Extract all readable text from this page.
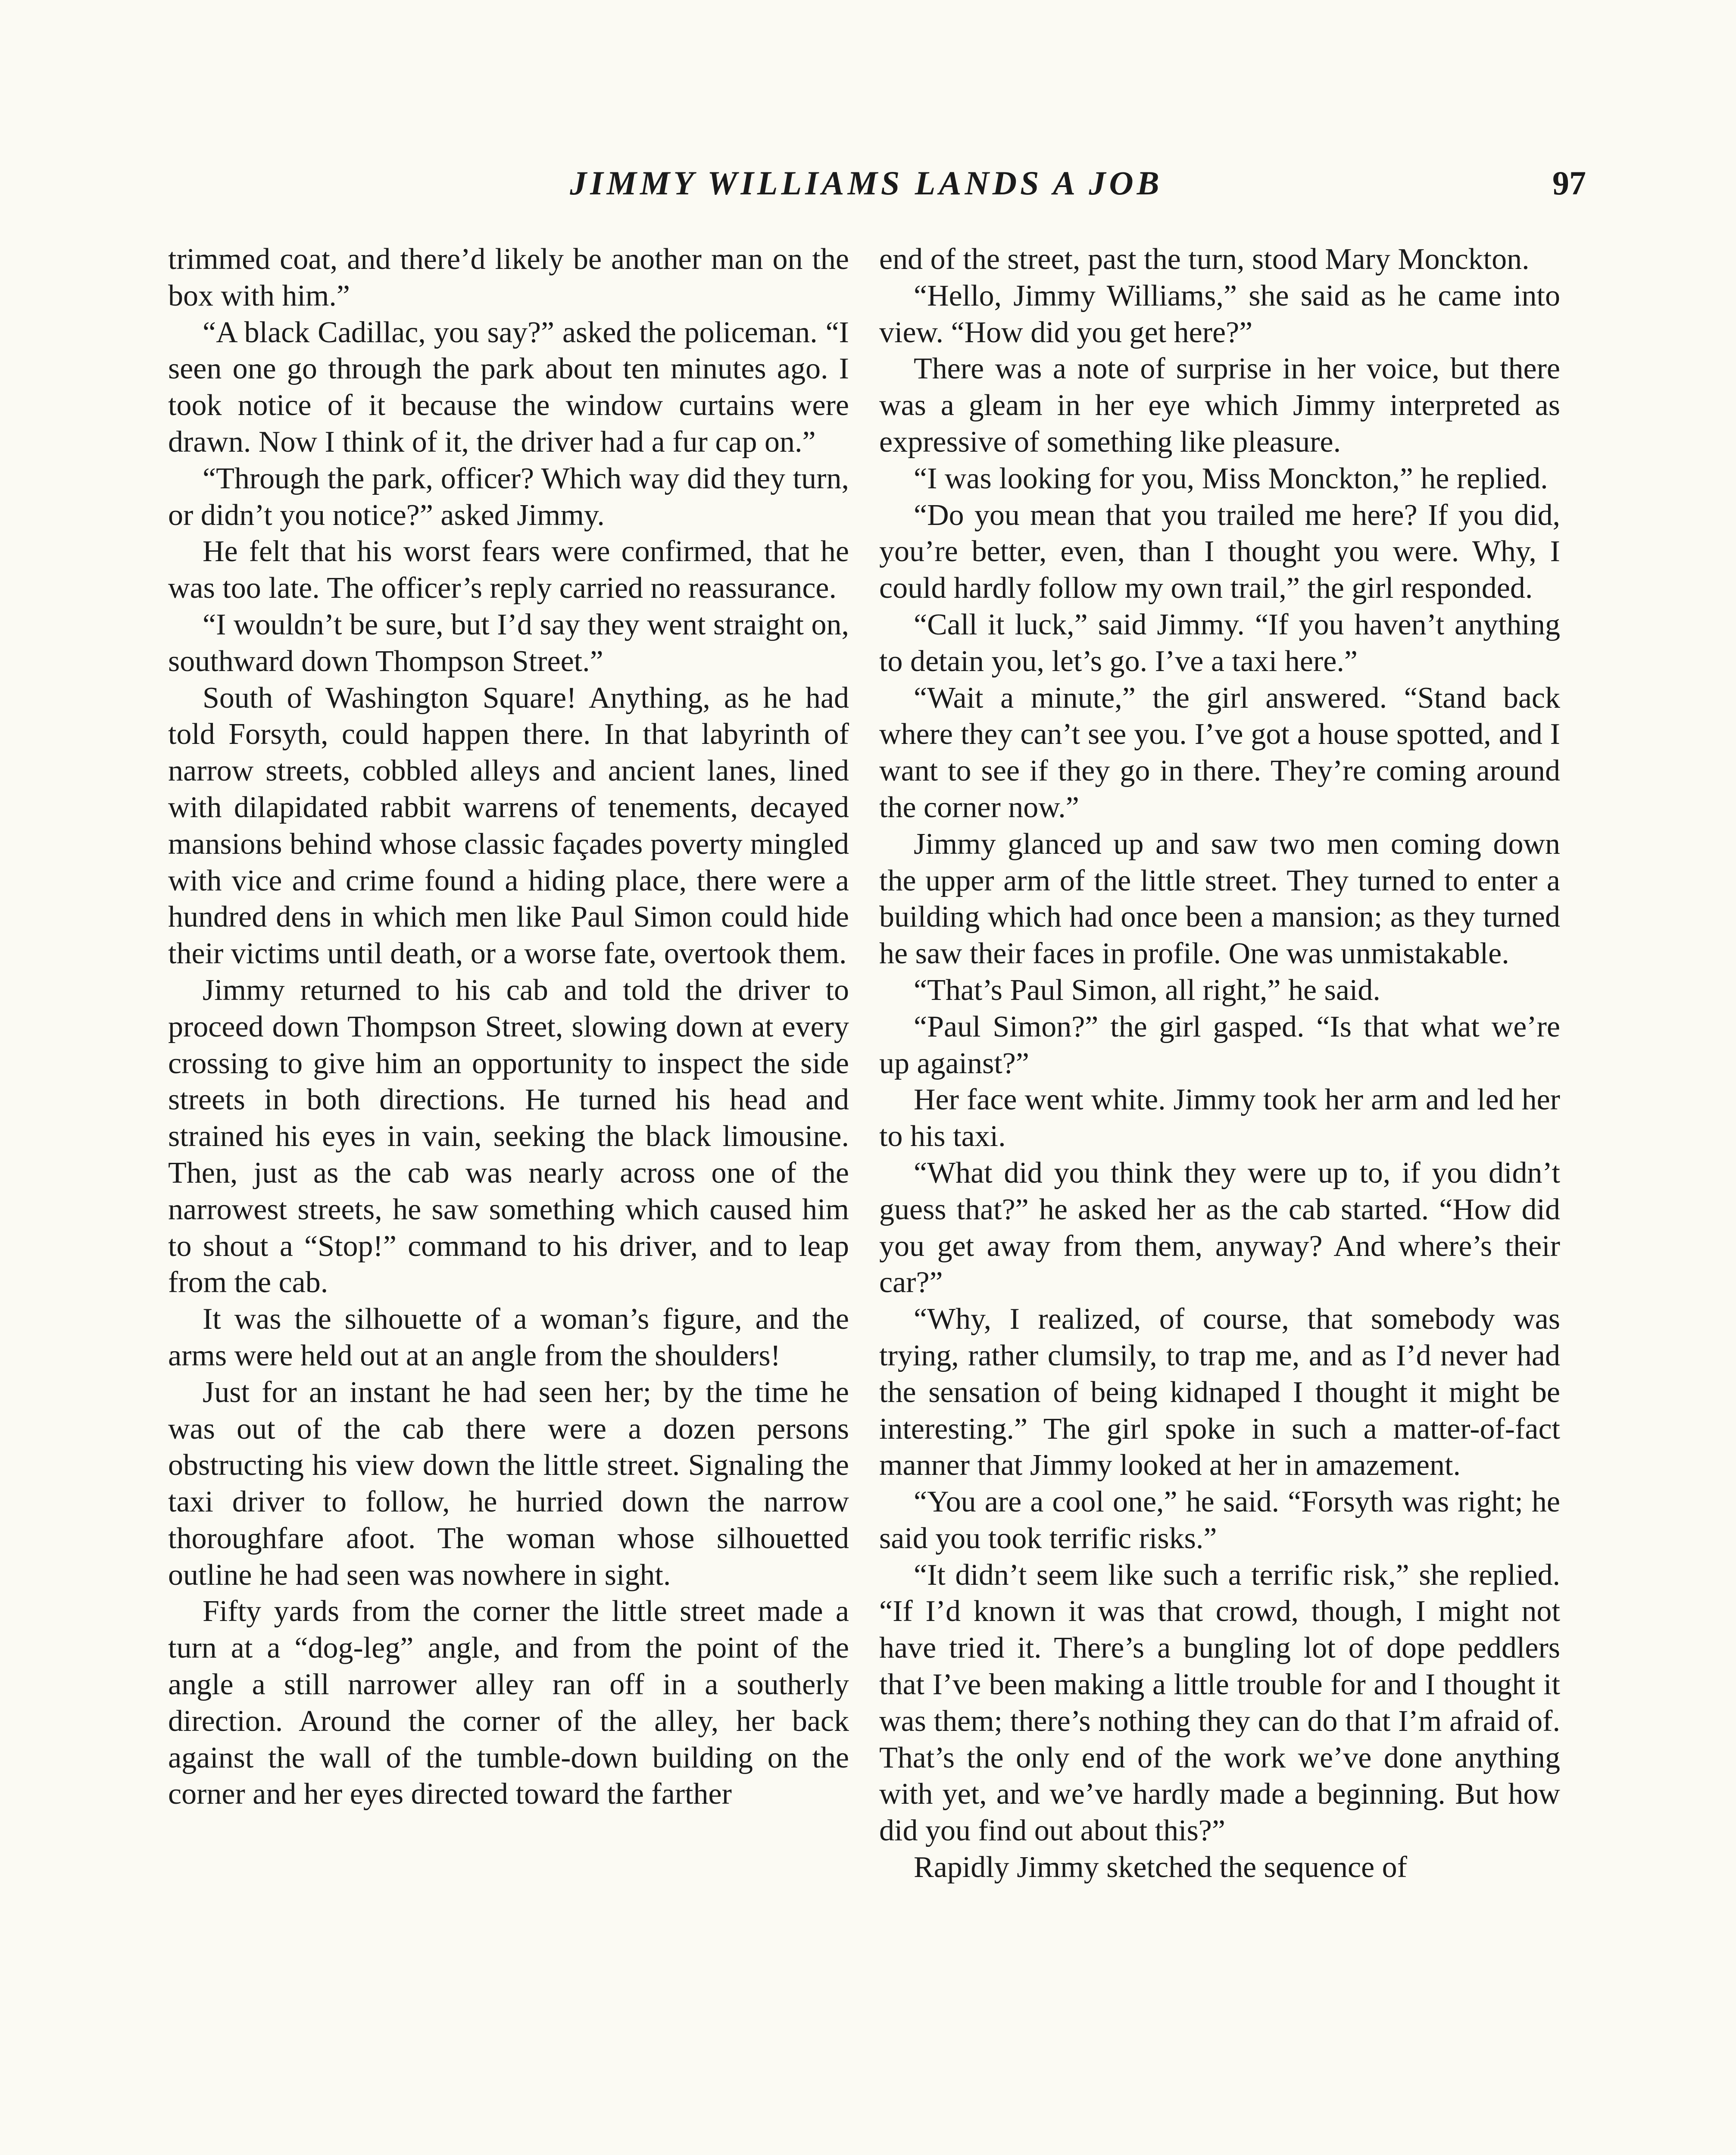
JIMMY WILLIAMS LANDS A JOB	97

trimmed coat, and there’d likely be another man on the box with him.”

“A black Cadillac, you say?” asked the policeman. “I seen one go through the park about ten minutes ago. I took notice of it because the window curtains were drawn. Now I think of it, the driver had a fur cap on.”

“Through the park, officer? Which way did they turn, or didn’t you notice?” asked Jimmy.

He felt that his worst fears were confirmed, that he was too late. The officer’s reply carried no reassurance.

“I wouldn’t be sure, but I’d say they went straight on, southward down Thompson Street.”

South of Washington Square! Anything, as he had told Forsyth, could happen there. In that labyrinth of narrow streets, cobbled alleys and ancient lanes, lined with dilapidated rabbit warrens of tenements, decayed mansions behind whose classic façades poverty mingled with vice and crime found a hiding place, there were a hundred dens in which men like Paul Simon could hide their victims until death, or a worse fate, overtook them.

Jimmy returned to his cab and told the driver to proceed down Thompson Street, slowing down at every crossing to give him an opportunity to inspect the side streets in both directions. He turned his head and strained his eyes in vain, seeking the black limousine. Then, just as the cab was nearly across one of the narrowest streets, he saw something which caused him to shout a “Stop!” command to his driver, and to leap from the cab.

It was the silhouette of a woman’s figure, and the arms were held out at an angle from the shoulders!

Just for an instant he had seen her; by the time he was out of the cab there were a dozen persons obstructing his view down the little street. Signaling the taxi driver to follow, he hurried down the narrow thoroughfare afoot. The woman whose silhouetted outline he had seen was nowhere in sight.

Fifty yards from the corner the little street made a turn at a “dog-leg” angle, and from the point of the angle a still narrower alley ran off in a southerly direction. Around the corner of the alley, her back against the wall of the tumble-down building on the corner and her eyes directed toward the farther

end of the street, past the turn, stood Mary Monckton.

“Hello, Jimmy Williams,” she said as he came into view. “How did you get here?”

There was a note of surprise in her voice, but there was a gleam in her eye which Jimmy interpreted as expressive of something like pleasure.

“I was looking for you, Miss Monckton,” he replied.

“Do you mean that you trailed me here? If you did, you’re better, even, than I thought you were. Why, I could hardly follow my own trail,” the girl responded.

“Call it luck,” said Jimmy. “If you haven’t anything to detain you, let’s go. I’ve a taxi here.”

“Wait a minute,” the girl answered. “Stand back where they can’t see you. I’ve got a house spotted, and I want to see if they go in there. They’re coming around the corner now.”

Jimmy glanced up and saw two men coming down the upper arm of the little street. They turned to enter a building which had once been a mansion; as they turned he saw their faces in profile. One was unmistakable.

“That’s Paul Simon, all right,” he said.

“Paul Simon?” the girl gasped. “Is that what we’re up against?”

Her face went white. Jimmy took her arm and led her to his taxi.

“What did you think they were up to, if you didn’t guess that?” he asked her as the cab started. “How did you get away from them, anyway? And where’s their car?”

“Why, I realized, of course, that somebody was trying, rather clumsily, to trap me, and as I’d never had the sensation of being kidnaped I thought it might be interesting.” The girl spoke in such a matter-of-fact manner that Jimmy looked at her in amazement.

“You are a cool one,” he said. “Forsyth was right; he said you took terrific risks.”

“It didn’t seem like such a terrific risk,” she replied. “If I’d known it was that crowd, though, I might not have tried it. There’s a bungling lot of dope peddlers that I’ve been making a little trouble for and I thought it was them; there’s nothing they can do that I’m afraid of. That’s the only end of the work we’ve done anything with yet, and we’ve hardly made a beginning. But how did you find out about this?”

Rapidly Jimmy sketched the sequence of
